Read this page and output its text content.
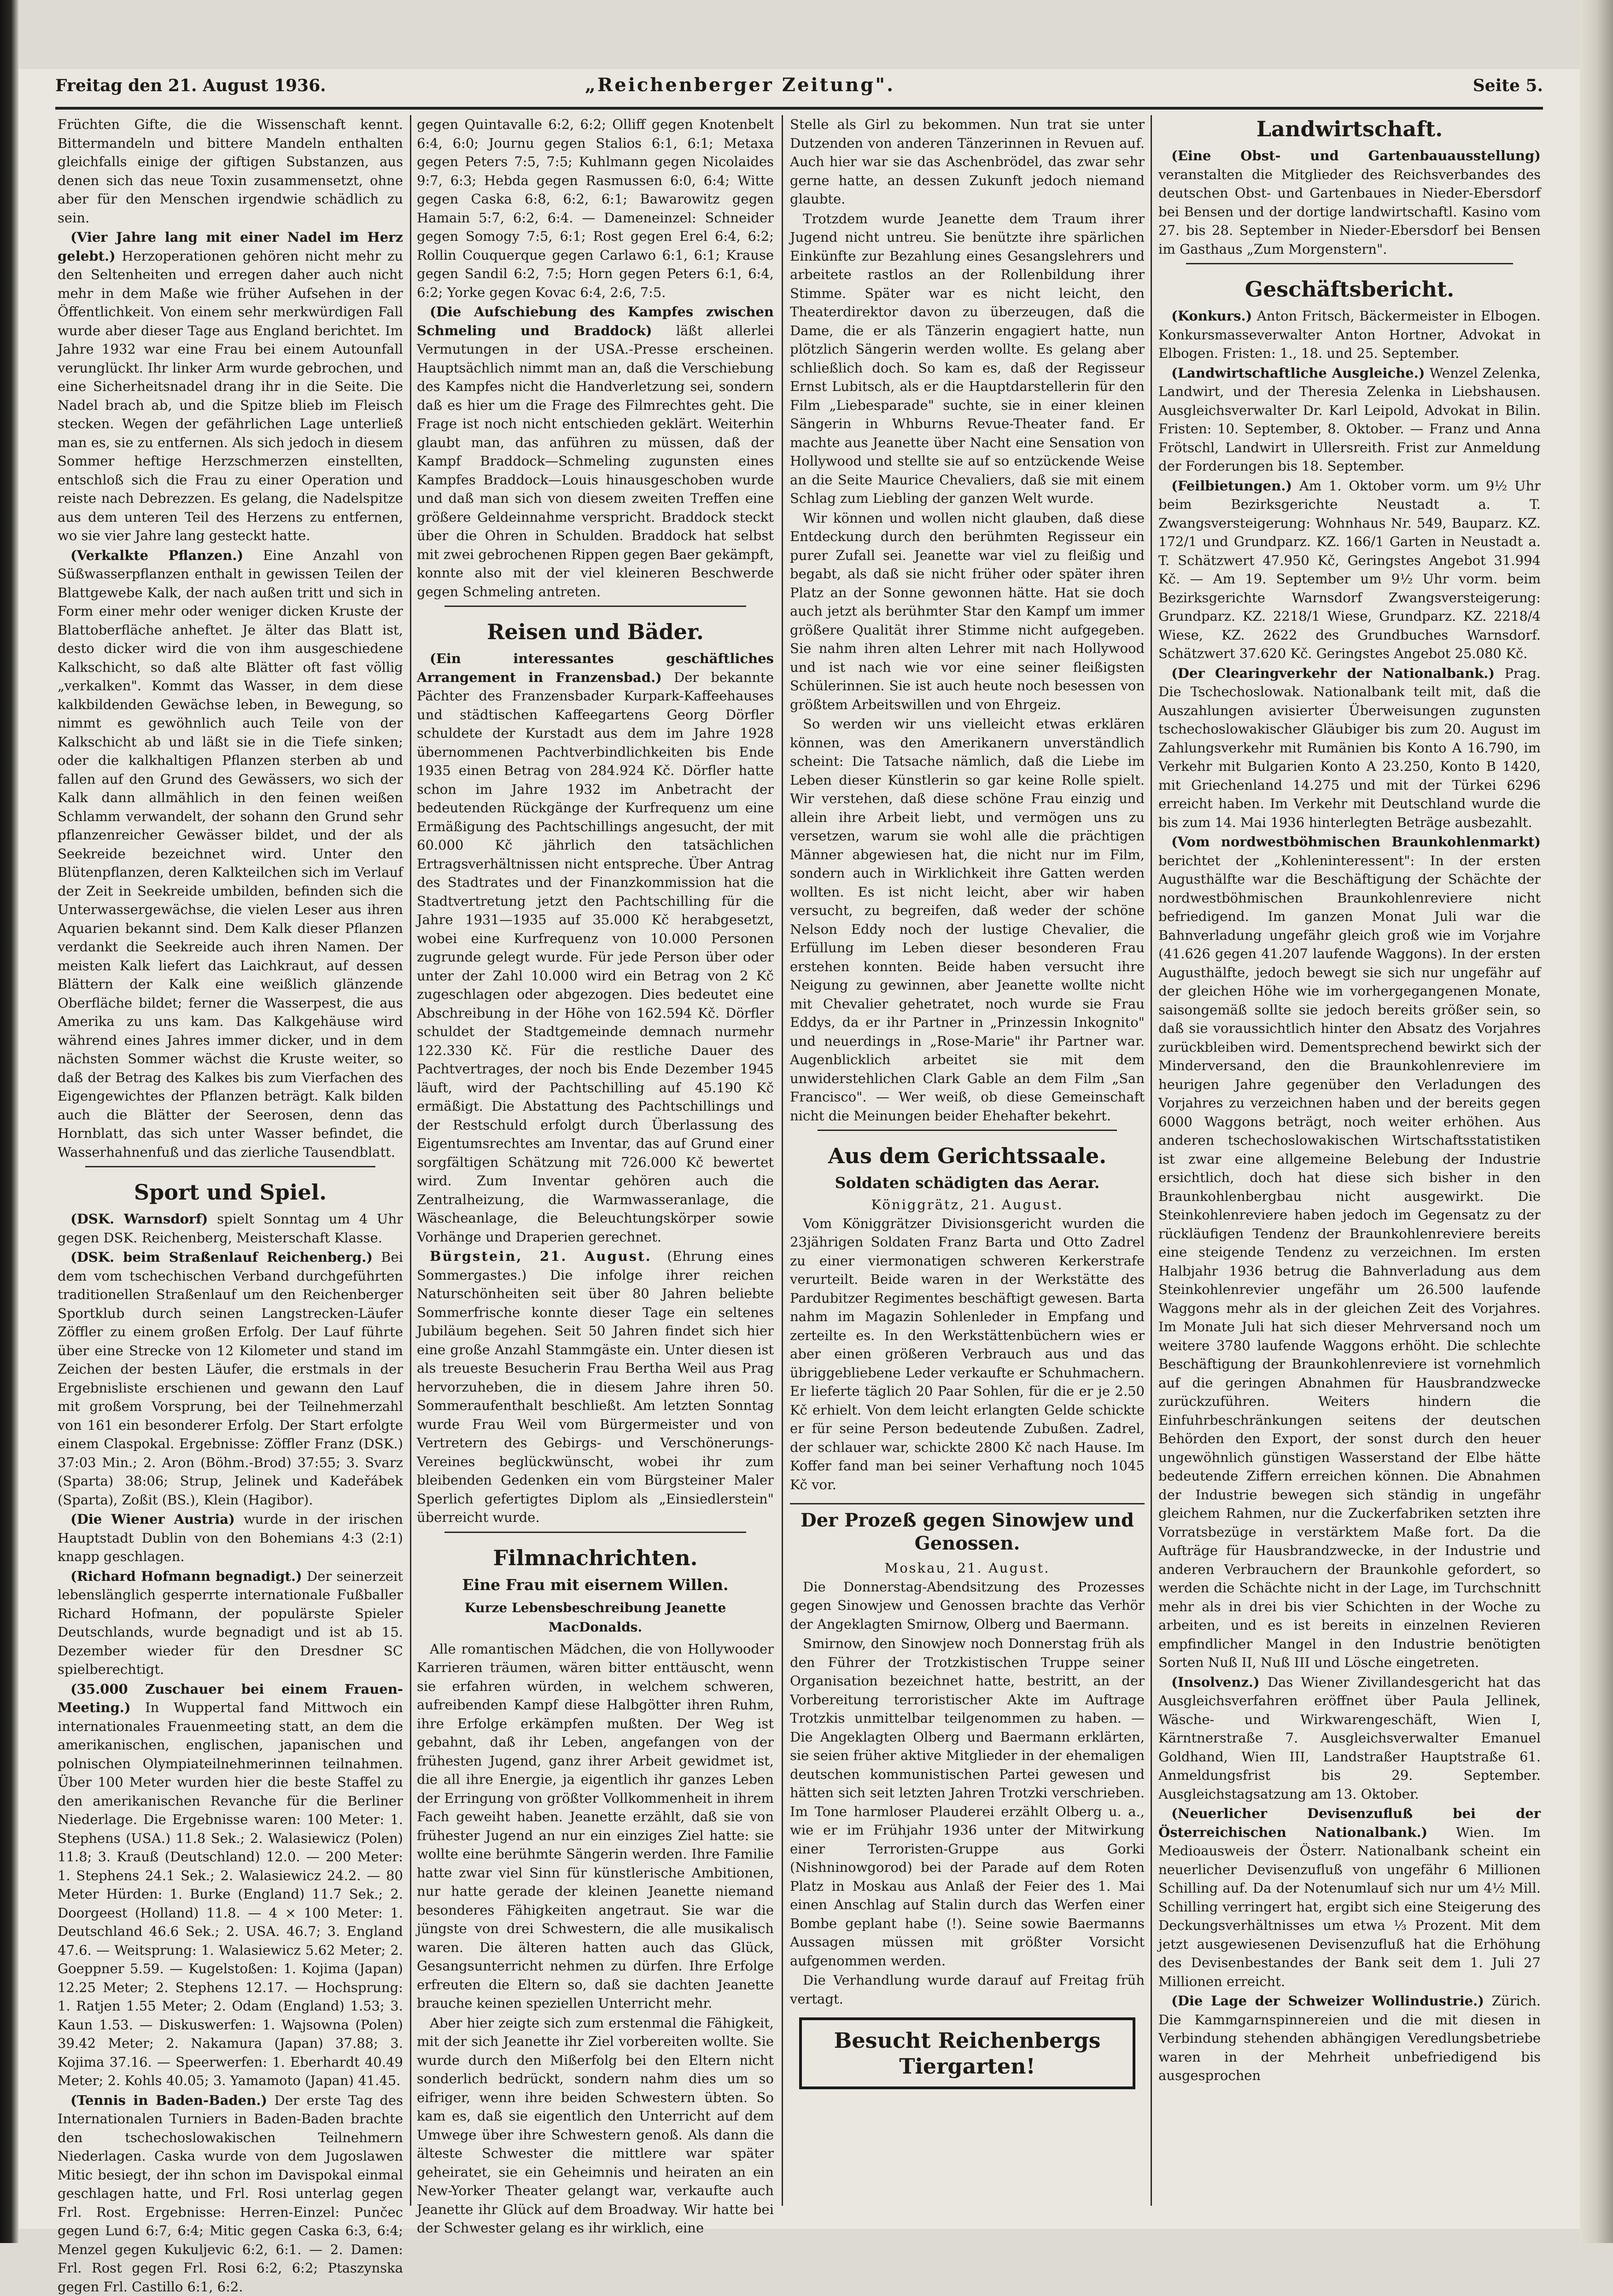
Freitag den 21. August 1936.	„Reichenberger Zeitung".	Seite 5.

Früchten Gifte, die die Wissenschaft kennt. Bittermandeln und bittere Mandeln enthalten gleichfalls einige der giftigen Substanzen, aus denen sich das neue Toxin zusammensetzt, ohne aber für den Menschen irgendwie schädlich zu sein.

(Vier Jahre lang mit einer Nadel im Herz gelebt.) Herzoperationen gehören nicht mehr zu den Seltenheiten und erregen daher auch nicht mehr in dem Maße wie früher Aufsehen in der Öffentlichkeit. Von einem sehr merkwürdigen Fall wurde aber dieser Tage aus England berichtet. Im Jahre 1932 war eine Frau bei einem Autounfall verunglückt. Ihr linker Arm wurde gebrochen, und eine Sicherheitsnadel drang ihr in die Seite. Die Nadel brach ab, und die Spitze blieb im Fleisch stecken. Wegen der gefährlichen Lage unterließ man es, sie zu entfernen. Als sich jedoch in diesem Sommer heftige Herzschmerzen einstellten, entschloß sich die Frau zu einer Operation und reiste nach Debrezzen. Es gelang, die Nadelspitze aus dem unteren Teil des Herzens zu entfernen, wo sie vier Jahre lang gesteckt hatte.

(Verkalkte Pflanzen.) Eine Anzahl von Süßwasserpflanzen enthalt in gewissen Teilen der Blattgewebe Kalk, der nach außen tritt und sich in Form einer mehr oder weniger dicken Kruste der Blattoberfläche anheftet. Je älter das Blatt ist, desto dicker wird die von ihm ausgeschiedene Kalkschicht, so daß alte Blätter oft fast völlig „verkalken". Kommt das Wasser, in dem diese kalkbildenden Gewächse leben, in Bewegung, so nimmt es gewöhnlich auch Teile von der Kalkschicht ab und läßt sie in die Tiefe sinken; oder die kalkhaltigen Pflanzen sterben ab und fallen auf den Grund des Gewässers, wo sich der Kalk dann allmählich in den feinen weißen Schlamm verwandelt, der sohann den Grund sehr pflanzenreicher Gewässer bildet, und der als Seekreide bezeichnet wird. Unter den Blütenpflanzen, deren Kalkteilchen sich im Verlauf der Zeit in Seekreide umbilden, befinden sich die Unterwassergewächse, die vielen Leser aus ihren Aquarien bekannt sind. Dem Kalk dieser Pflanzen verdankt die Seekreide auch ihren Namen. Der meisten Kalk liefert das Laichkraut, auf dessen Blättern der Kalk eine weißlich glänzende Oberfläche bildet; ferner die Wasserpest, die aus Amerika zu uns kam. Das Kalkgehäuse wird während eines Jahres immer dicker, und in dem nächsten Sommer wächst die Kruste weiter, so daß der Betrag des Kalkes bis zum Vierfachen des Eigengewichtes der Pflanzen beträgt. Kalk bilden auch die Blätter der Seerosen, denn das Hornblatt, das sich unter Wasser befindet, die Wasserhahnenfuß und das zierliche Tausendblatt.

Sport und Spiel.

(DSK. Warnsdorf) spielt Sonntag um 4 Uhr gegen DSK. Reichenberg, Meisterschaft Klasse.

(DSK. beim Straßenlauf Reichenberg.) Bei dem vom tschechischen Verband durchgeführten traditionellen Straßenlauf um den Reichenberger Sportklub durch seinen Langstrecken-Läufer Zöffler zu einem großen Erfolg. Der Lauf führte über eine Strecke von 12 Kilometer und stand im Zeichen der besten Läufer, die erstmals in der Ergebnisliste erschienen und gewann den Lauf mit großem Vorsprung, bei der Teilnehmerzahl von 161 ein besonderer Erfolg. Der Start erfolgte einem Claspokal. Ergebnisse: Zöffler Franz (DSK.) 37:03 Min.; 2. Aron (Böhm.-Brod) 37:55; 3. Svarz (Sparta) 38:06; Strup, Jelinek und Kadeřábek (Sparta), Zoßit (BS.), Klein (Hagibor).

(Die Wiener Austria) wurde in der irischen Hauptstadt Dublin von den Bohemians 4:3 (2:1) knapp geschlagen.

(Richard Hofmann begnadigt.) Der seinerzeit lebenslänglich gesperrte internationale Fußballer Richard Hofmann, der populärste Spieler Deutschlands, wurde begnadigt und ist ab 15. Dezember wieder für den Dresdner SC spielberechtigt.

(35.000 Zuschauer bei einem Frauen-Meeting.) In Wuppertal fand Mittwoch ein internationales Frauenmeeting statt, an dem die amerikanischen, englischen, japanischen und polnischen Olympiateilnehmerinnen teilnahmen. Über 100 Meter wurden hier die beste Staffel zu den amerikanischen Revanche für die Berliner Niederlage. Die Ergebnisse waren: 100 Meter: 1. Stephens (USA.) 11.8 Sek.; 2. Walasiewicz (Polen) 11.8; 3. Krauß (Deutschland) 12.0. — 200 Meter: 1. Stephens 24.1 Sek.; 2. Walasiewicz 24.2. — 80 Meter Hürden: 1. Burke (England) 11.7 Sek.; 2. Doorgeest (Holland) 11.8. — 4 × 100 Meter: 1. Deutschland 46.6 Sek.; 2. USA. 46.7; 3. England 47.6. — Weitsprung: 1. Walasiewicz 5.62 Meter; 2. Goeppner 5.59. — Kugelstoßen: 1. Kojima (Japan) 12.25 Meter; 2. Stephens 12.17. — Hochsprung: 1. Ratjen 1.55 Meter; 2. Odam (England) 1.53; 3. Kaun 1.53. — Diskuswerfen: 1. Wajsowna (Polen) 39.42 Meter; 2. Nakamura (Japan) 37.88; 3. Kojima 37.16. — Speerwerfen: 1. Eberhardt 40.49 Meter; 2. Kohls 40.05; 3. Yamamoto (Japan) 41.45.

(Tennis in Baden-Baden.) Der erste Tag des Internationalen Turniers in Baden-Baden brachte den tschechoslowakischen Teilnehmern Niederlagen. Caska wurde von dem Jugoslawen Mitic besiegt, der ihn schon im Davispokal einmal geschlagen hatte, und Frl. Rosi unterlag gegen Frl. Rost. Ergebnisse: Herren-Einzel: Punčec gegen Lund 6:7, 6:4; Mitic gegen Caska 6:3, 6:4; Menzel gegen Kukuljevic 6:2, 6:1. — 2. Damen: Frl. Rost gegen Frl. Rosi 6:2, 6:2; Ptaszynska gegen Frl. Castillo 6:1, 6:2.

gegen Quintavalle 6:2, 6:2; Olliff gegen Knotenbelt 6:4, 6:0; Journu gegen Stalios 6:1, 6:1; Metaxa gegen Peters 7:5, 7:5; Kuhlmann gegen Nicolaides 9:7, 6:3; Hebda gegen Rasmussen 6:0, 6:4; Witte gegen Caska 6:8, 6:2, 6:1; Bawarowitz gegen Hamain 5:7, 6:2, 6:4. — Dameneinzel: Schneider gegen Somogy 7:5, 6:1; Rost gegen Erel 6:4, 6:2; Rollin Couquerque gegen Carlawo 6:1, 6:1; Krause gegen Sandil 6:2, 7:5; Horn gegen Peters 6:1, 6:4, 6:2; Yorke gegen Kovac 6:4, 2:6, 7:5.

(Die Aufschiebung des Kampfes zwischen Schmeling und Braddock) läßt allerlei Vermutungen in der USA.-Presse erscheinen. Hauptsächlich nimmt man an, daß die Verschiebung des Kampfes nicht die Handverletzung sei, sondern daß es hier um die Frage des Filmrechtes geht. Die Frage ist noch nicht entschieden geklärt. Weiterhin glaubt man, das anführen zu müssen, daß der Kampf Braddock—Schmeling zugunsten eines Kampfes Braddock—Louis hinausgeschoben wurde und daß man sich von diesem zweiten Treffen eine größere Geldeinnahme verspricht. Braddock steckt über die Ohren in Schulden. Braddock hat selbst mit zwei gebrochenen Rippen gegen Baer gekämpft, konnte also mit der viel kleineren Beschwerde gegen Schmeling antreten.

Reisen und Bäder.

(Ein interessantes geschäftliches Arrangement in Franzensbad.) Der bekannte Pächter des Franzensbader Kurpark-Kaffeehauses und städtischen Kaffeegartens Georg Dörfler schuldete der Kurstadt aus dem im Jahre 1928 übernommenen Pachtverbindlichkeiten bis Ende 1935 einen Betrag von 284.924 Kč. Dörfler hatte schon im Jahre 1932 im Anbetracht der bedeutenden Rückgänge der Kurfrequenz um eine Ermäßigung des Pachtschillings angesucht, der mit 60.000 Kč jährlich den tatsächlichen Ertragsverhältnissen nicht entspreche. Über Antrag des Stadtrates und der Finanzkommission hat die Stadtvertretung jetzt den Pachtschilling für die Jahre 1931—1935 auf 35.000 Kč herabgesetzt, wobei eine Kurfrequenz von 10.000 Personen zugrunde gelegt wurde. Für jede Person über oder unter der Zahl 10.000 wird ein Betrag von 2 Kč zugeschlagen oder abgezogen. Dies bedeutet eine Abschreibung in der Höhe von 162.594 Kč. Dörfler schuldet der Stadtgemeinde demnach nurmehr 122.330 Kč. Für die restliche Dauer des Pachtvertrages, der noch bis Ende Dezember 1945 läuft, wird der Pachtschilling auf 45.190 Kč ermäßigt. Die Abstattung des Pachtschillings und der Restschuld erfolgt durch Überlassung des Eigentumsrechtes am Inventar, das auf Grund einer sorgfältigen Schätzung mit 726.000 Kč bewertet wird. Zum Inventar gehören auch die Zentralheizung, die Warmwasseranlage, die Wäscheanlage, die Beleuchtungskörper sowie Vorhänge und Draperien gerechnet.

Bürgstein, 21. August. (Ehrung eines Sommergastes.) Die infolge ihrer reichen Naturschönheiten seit über 80 Jahren beliebte Sommerfrische konnte dieser Tage ein seltenes Jubiläum begehen. Seit 50 Jahren findet sich hier eine große Anzahl Stammgäste ein. Unter diesen ist als treueste Besucherin Frau Bertha Weil aus Prag hervorzuheben, die in diesem Jahre ihren 50. Sommeraufenthalt beschließt. Am letzten Sonntag wurde Frau Weil vom Bürgermeister und von Vertretern des Gebirgs- und Verschönerungs-Vereines beglückwünscht, wobei ihr zum bleibenden Gedenken ein vom Bürgsteiner Maler Sperlich gefertigtes Diplom als „Einsiedlerstein" überreicht wurde.

Filmnachrichten.
Eine Frau mit eisernem Willen.
Kurze Lebensbeschreibung Jeanette MacDonalds.

Alle romantischen Mädchen, die von Hollywooder Karrieren träumen, wären bitter enttäuscht, wenn sie erfahren würden, in welchem schweren, aufreibenden Kampf diese Halbgötter ihren Ruhm, ihre Erfolge erkämpfen mußten. Der Weg ist gebahnt, daß ihr Leben, angefangen von der frühesten Jugend, ganz ihrer Arbeit gewidmet ist, die all ihre Energie, ja eigentlich ihr ganzes Leben der Erringung von größter Vollkommenheit in ihrem Fach geweiht haben. Jeanette erzählt, daß sie von frühester Jugend an nur ein einziges Ziel hatte: sie wollte eine berühmte Sängerin werden. Ihre Familie hatte zwar viel Sinn für künstlerische Ambitionen, nur hatte gerade der kleinen Jeanette niemand besonderes Fähigkeiten angetraut. Sie war die jüngste von drei Schwestern, die alle musikalisch waren. Die älteren hatten auch das Glück, Gesangsunterricht nehmen zu dürfen. Ihre Erfolge erfreuten die Eltern so, daß sie dachten Jeanette brauche keinen speziellen Unterricht mehr.

Aber hier zeigte sich zum erstenmal die Fähigkeit, mit der sich Jeanette ihr Ziel vorbereiten wollte. Sie wurde durch den Mißerfolg bei den Eltern nicht sonderlich bedrückt, sondern nahm dies um so eifriger, wenn ihre beiden Schwestern übten. So kam es, daß sie eigentlich den Unterricht auf dem Umwege über ihre Schwestern genoß. Als dann die älteste Schwester die mittlere war später geheiratet, sie ein Geheimnis und heiraten an ein New-Yorker Theater gelangt war, verkaufte auch Jeanette ihr Glück auf dem Broadway. Wir hatte bei der Schwester gelang es ihr wirklich, eine

Stelle als Girl zu bekommen. Nun trat sie unter Dutzenden von anderen Tänzerinnen in Revuen auf. Auch hier war sie das Aschenbrödel, das zwar sehr gerne hatte, an dessen Zukunft jedoch niemand glaubte.

Trotzdem wurde Jeanette dem Traum ihrer Jugend nicht untreu. Sie benützte ihre spärlichen Einkünfte zur Bezahlung eines Gesangslehrers und arbeitete rastlos an der Rollenbildung ihrer Stimme. Später war es nicht leicht, den Theaterdirektor davon zu überzeugen, daß die Dame, die er als Tänzerin engagiert hatte, nun plötzlich Sängerin werden wollte. Es gelang aber schließlich doch. So kam es, daß der Regisseur Ernst Lubitsch, als er die Hauptdarstellerin für den Film „Liebesparade" suchte, sie in einer kleinen Sängerin in Whburns Revue-Theater fand. Er machte aus Jeanette über Nacht eine Sensation von Hollywood und stellte sie auf so entzückende Weise an die Seite Maurice Chevaliers, daß sie mit einem Schlag zum Liebling der ganzen Welt wurde.

Wir können und wollen nicht glauben, daß diese Entdeckung durch den berühmten Regisseur ein purer Zufall sei. Jeanette war viel zu fleißig und begabt, als daß sie nicht früher oder später ihren Platz an der Sonne gewonnen hätte. Hat sie doch auch jetzt als berühmter Star den Kampf um immer größere Qualität ihrer Stimme nicht aufgegeben. Sie nahm ihren alten Lehrer mit nach Hollywood und ist nach wie vor eine seiner fleißigsten Schülerinnen. Sie ist auch heute noch besessen von größtem Arbeitswillen und von Ehrgeiz.

So werden wir uns vielleicht etwas erklären können, was den Amerikanern unverständlich scheint: Die Tatsache nämlich, daß die Liebe im Leben dieser Künstlerin so gar keine Rolle spielt. Wir verstehen, daß diese schöne Frau einzig und allein ihre Arbeit liebt, und vermögen uns zu versetzen, warum sie wohl alle die prächtigen Männer abgewiesen hat, die nicht nur im Film, sondern auch in Wirklichkeit ihre Gatten werden wollten. Es ist nicht leicht, aber wir haben versucht, zu begreifen, daß weder der schöne Nelson Eddy noch der lustige Chevalier, die Erfüllung im Leben dieser besonderen Frau erstehen konnten. Beide haben versucht ihre Neigung zu gewinnen, aber Jeanette wollte nicht mit Chevalier gehetratet, noch wurde sie Frau Eddys, da er ihr Partner in „Prinzessin Inkognito" und neuerdings in „Rose-Marie" ihr Partner war. Augenblicklich arbeitet sie mit dem unwiderstehlichen Clark Gable an dem Film „San Francisco". — Wer weiß, ob diese Gemeinschaft nicht die Meinungen beider Ehehafter bekehrt.

Aus dem Gerichtssaale.
Soldaten schädigten das Aerar.
Königgrätz, 21. August.

Vom Königgrätzer Divisionsgericht wurden die 23jährigen Soldaten Franz Barta und Otto Zadrel zu einer viermonatigen schweren Kerkerstrafe verurteilt. Beide waren in der Werkstätte des Pardubitzer Regimentes beschäftigt gewesen. Barta nahm im Magazin Sohlenleder in Empfang und zerteilte es. In den Werkstättenbüchern wies er aber einen größeren Verbrauch aus und das übriggebliebene Leder verkaufte er Schuhmachern. Er lieferte täglich 20 Paar Sohlen, für die er je 2.50 Kč erhielt. Von dem leicht erlangten Gelde schickte er für seine Person bedeutende Zubußen. Zadrel, der schlauer war, schickte 2800 Kč nach Hause. Im Koffer fand man bei seiner Verhaftung noch 1045 Kč vor.

Der Prozeß gegen Sinowjew und Genossen.
Moskau, 21. August.

Die Donnerstag-Abendsitzung des Prozesses gegen Sinowjew und Genossen brachte das Verhör der Angeklagten Smirnow, Olberg und Baermann.

Smirnow, den Sinowjew noch Donnerstag früh als den Führer der Trotzkistischen Truppe seiner Organisation bezeichnet hatte, bestritt, an der Vorbereitung terroristischer Akte im Auftrage Trotzkis unmittelbar teilgenommen zu haben. — Die Angeklagten Olberg und Baermann erklärten, sie seien früher aktive Mitglieder in der ehemaligen deutschen kommunistischen Partei gewesen und hätten sich seit letzten Jahren Trotzki verschrieben. Im Tone harmloser Plauderei erzählt Olberg u. a., wie er im Frühjahr 1936 unter der Mitwirkung einer Terroristen-Gruppe aus Gorki (Nishninowgorod) bei der Parade auf dem Roten Platz in Moskau aus Anlaß der Feier des 1. Mai einen Anschlag auf Stalin durch das Werfen einer Bombe geplant habe (!). Seine sowie Baermanns Aussagen müssen mit größter Vorsicht aufgenommen werden.

Die Verhandlung wurde darauf auf Freitag früh vertagt.

Besucht Reichenbergs Tiergarten!
Landwirtschaft.

(Eine Obst- und Gartenbauausstellung) veranstalten die Mitglieder des Reichsverbandes des deutschen Obst- und Gartenbaues in Nieder-Ebersdorf bei Bensen und der dortige landwirtschaftl. Kasino vom 27. bis 28. September in Nieder-Ebersdorf bei Bensen im Gasthaus „Zum Morgenstern".

Geschäftsbericht.

(Konkurs.) Anton Fritsch, Bäckermeister in Elbogen. Konkursmasseverwalter Anton Hortner, Advokat in Elbogen. Fristen: 1., 18. und 25. September.

(Landwirtschaftliche Ausgleiche.) Wenzel Zelenka, Landwirt, und der Theresia Zelenka in Liebshausen. Ausgleichsverwalter Dr. Karl Leipold, Advokat in Bilin. Fristen: 10. September, 8. Oktober. — Franz und Anna Frötschl, Landwirt in Ullersreith. Frist zur Anmeldung der Forderungen bis 18. September.

(Feilbietungen.) Am 1. Oktober vorm. um 9½ Uhr beim Bezirksgerichte Neustadt a. T. Zwangsversteigerung: Wohnhaus Nr. 549, Bauparz. KZ. 172/1 und Grundparz. KZ. 166/1 Garten in Neustadt a. T. Schätzwert 47.950 Kč, Geringstes Angebot 31.994 Kč. — Am 19. September um 9½ Uhr vorm. beim Bezirksgerichte Warnsdorf Zwangsversteigerung: Grundparz. KZ. 2218/1 Wiese, Grundparz. KZ. 2218/4 Wiese, KZ. 2622 des Grundbuches Warnsdorf. Schätzwert 37.620 Kč. Geringstes Angebot 25.080 Kč.

(Der Clearingverkehr der Nationalbank.) Prag. Die Tschechoslowak. Nationalbank teilt mit, daß die Auszahlungen avisierter Überweisungen zugunsten tschechoslowakischer Gläubiger bis zum 20. August im Zahlungsverkehr mit Rumänien bis Konto A 16.790, im Verkehr mit Bulgarien Konto A 23.250, Konto B 1420, mit Griechenland 14.275 und mit der Türkei 6296 erreicht haben. Im Verkehr mit Deutschland wurde die bis zum 14. Mai 1936 hinterlegten Beträge ausbezahlt.

(Vom nordwestböhmischen Braunkohlenmarkt) berichtet der „Kohleninteressent": In der ersten Augusthälfte war die Beschäftigung der Schächte der nordwestböhmischen Braunkohlenreviere nicht befriedigend. Im ganzen Monat Juli war die Bahnverladung ungefähr gleich groß wie im Vorjahre (41.626 gegen 41.207 laufende Waggons). In der ersten Augusthälfte, jedoch bewegt sie sich nur ungefähr auf der gleichen Höhe wie im vorhergegangenen Monate, saisongemäß sollte sie jedoch bereits größer sein, so daß sie voraussichtlich hinter den Absatz des Vorjahres zurückbleiben wird. Dementsprechend bewirkt sich der Minderversand, den die Braunkohlenreviere im heurigen Jahre gegenüber den Verladungen des Vorjahres zu verzeichnen haben und der bereits gegen 6000 Waggons beträgt, noch weiter erhöhen. Aus anderen tschechoslowakischen Wirtschaftsstatistiken ist zwar eine allgemeine Belebung der Industrie ersichtlich, doch hat diese sich bisher in den Braunkohlenbergbau nicht ausgewirkt. Die Steinkohlenreviere haben jedoch im Gegensatz zu der rückläufigen Tendenz der Braunkohlenreviere bereits eine steigende Tendenz zu verzeichnen. Im ersten Halbjahr 1936 betrug die Bahnverladung aus dem Steinkohlenrevier ungefähr um 26.500 laufende Waggons mehr als in der gleichen Zeit des Vorjahres. Im Monate Juli hat sich dieser Mehrversand noch um weitere 3780 laufende Waggons erhöht. Die schlechte Beschäftigung der Braunkohlenreviere ist vornehmlich auf die geringen Abnahmen für Hausbrandzwecke zurückzuführen. Weiters hindern die Einfuhrbeschränkungen seitens der deutschen Behörden den Export, der sonst durch den heuer ungewöhnlich günstigen Wasserstand der Elbe hätte bedeutende Ziffern erreichen können. Die Abnahmen der Industrie bewegen sich ständig in ungefähr gleichem Rahmen, nur die Zuckerfabriken setzten ihre Vorratsbezüge in verstärktem Maße fort. Da die Aufträge für Hausbrandzwecke, in der Industrie und anderen Verbrauchern der Braunkohle gefordert, so werden die Schächte nicht in der Lage, im Turchschnitt mehr als in drei bis vier Schichten in der Woche zu arbeiten, und es ist bereits in einzelnen Revieren empfindlicher Mangel in den Industrie benötigten Sorten Nuß II, Nuß III und Lösche eingetreten.

(Insolvenz.) Das Wiener Zivillandesgericht hat das Ausgleichsverfahren eröffnet über Paula Jellinek, Wäsche- und Wirkwarengeschäft, Wien I, Kärntnerstraße 7. Ausgleichsverwalter Emanuel Goldhand, Wien III, Landstraßer Hauptstraße 61. Anmeldungsfrist bis 29. September. Ausgleichstagsatzung am 13. Oktober.

(Neuerlicher Devisenzufluß bei der Österreichischen Nationalbank.) Wien. Im Medioausweis der Österr. Nationalbank scheint ein neuerlicher Devisenzufluß von ungefähr 6 Millionen Schilling auf. Da der Notenumlauf sich nur um 4½ Mill. Schilling verringert hat, ergibt sich eine Steigerung des Deckungsverhältnisses um etwa ⅓ Prozent. Mit dem jetzt ausgewiesenen Devisenzufluß hat die Erhöhung des Devisenbestandes der Bank seit dem 1. Juli 27 Millionen erreicht.

(Die Lage der Schweizer Wollindustrie.) Zürich. Die Kammgarnspinnereien und die mit diesen in Verbindung stehenden abhängigen Veredlungsbetriebe waren in der Mehrheit unbefriedigend bis ausgesprochen
